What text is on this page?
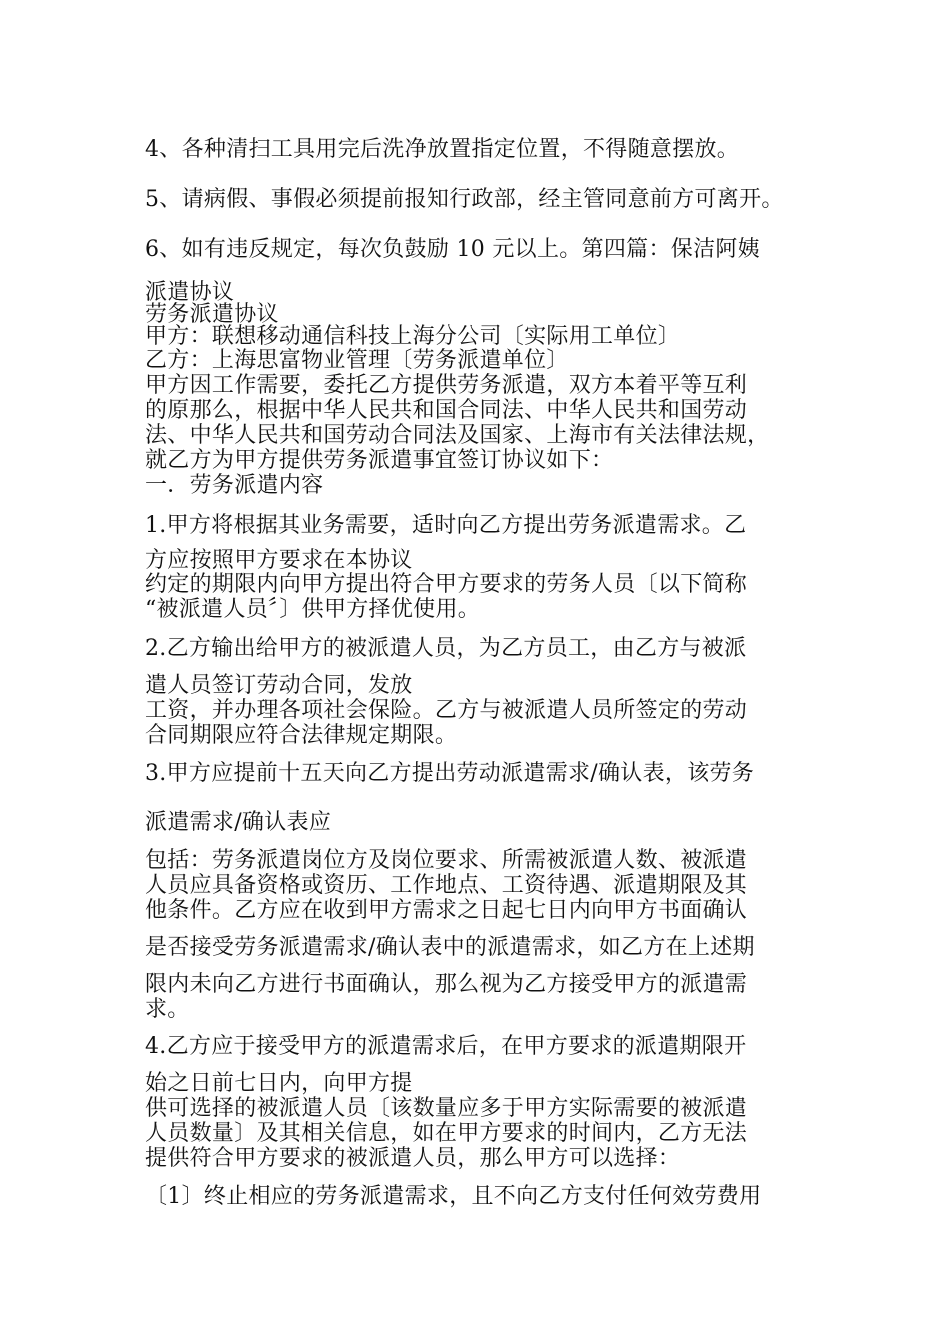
4、各种清扫工具用完后洗净放置指定位置，不得随意摆放。
5、请病假、事假必须提前报知行政部，经主管同意前方可离开。
6、如有违反规定，每次负鼓励 10 元以上。第四篇：保洁阿姨
派遣协议
劳务派遣协议
甲方：联想移动通信科技上海分公司〔实际用工单位〕
乙方：上海思富物业管理〔劳务派遣单位〕
甲方因工作需要，委托乙方提供劳务派遣，双方本着平等互利
的原那么，根据中华人民共和国合同法、中华人民共和国劳动
法、中华人民共和国劳动合同法及国家、上海市有关法律法规，
就乙方为甲方提供劳务派遣事宜签订协议如下：
一．劳务派遣内容
1.甲方将根据其业务需要，适时向乙方提出劳务派遣需求。乙
方应按照甲方要求在本协议
约定的期限内向甲方提出符合甲方要求的劳务人员〔以下简称
“被派遣人员〞〕供甲方择优使用。
2.乙方输出给甲方的被派遣人员，为乙方员工，由乙方与被派
遣人员签订劳动合同，发放
工资，并办理各项社会保险。乙方与被派遣人员所签定的劳动
合同期限应符合法律规定期限。
3.甲方应提前十五天向乙方提出劳动派遣需求/确认表，该劳务
派遣需求/确认表应
包括：劳务派遣岗位方及岗位要求、所需被派遣人数、被派遣
人员应具备资格或资历、工作地点、工资待遇、派遣期限及其
他条件。乙方应在收到甲方需求之日起七日内向甲方书面确认
是否接受劳务派遣需求/确认表中的派遣需求，如乙方在上述期
限内未向乙方进行书面确认，那么视为乙方接受甲方的派遣需
求。
4.乙方应于接受甲方的派遣需求后，在甲方要求的派遣期限开
始之日前七日内，向甲方提
供可选择的被派遣人员〔该数量应多于甲方实际需要的被派遣
人员数量〕及其相关信息，如在甲方要求的时间内，乙方无法
提供符合甲方要求的被派遣人员，那么甲方可以选择：
〔1〕终止相应的劳务派遣需求，且不向乙方支付任何效劳费用
